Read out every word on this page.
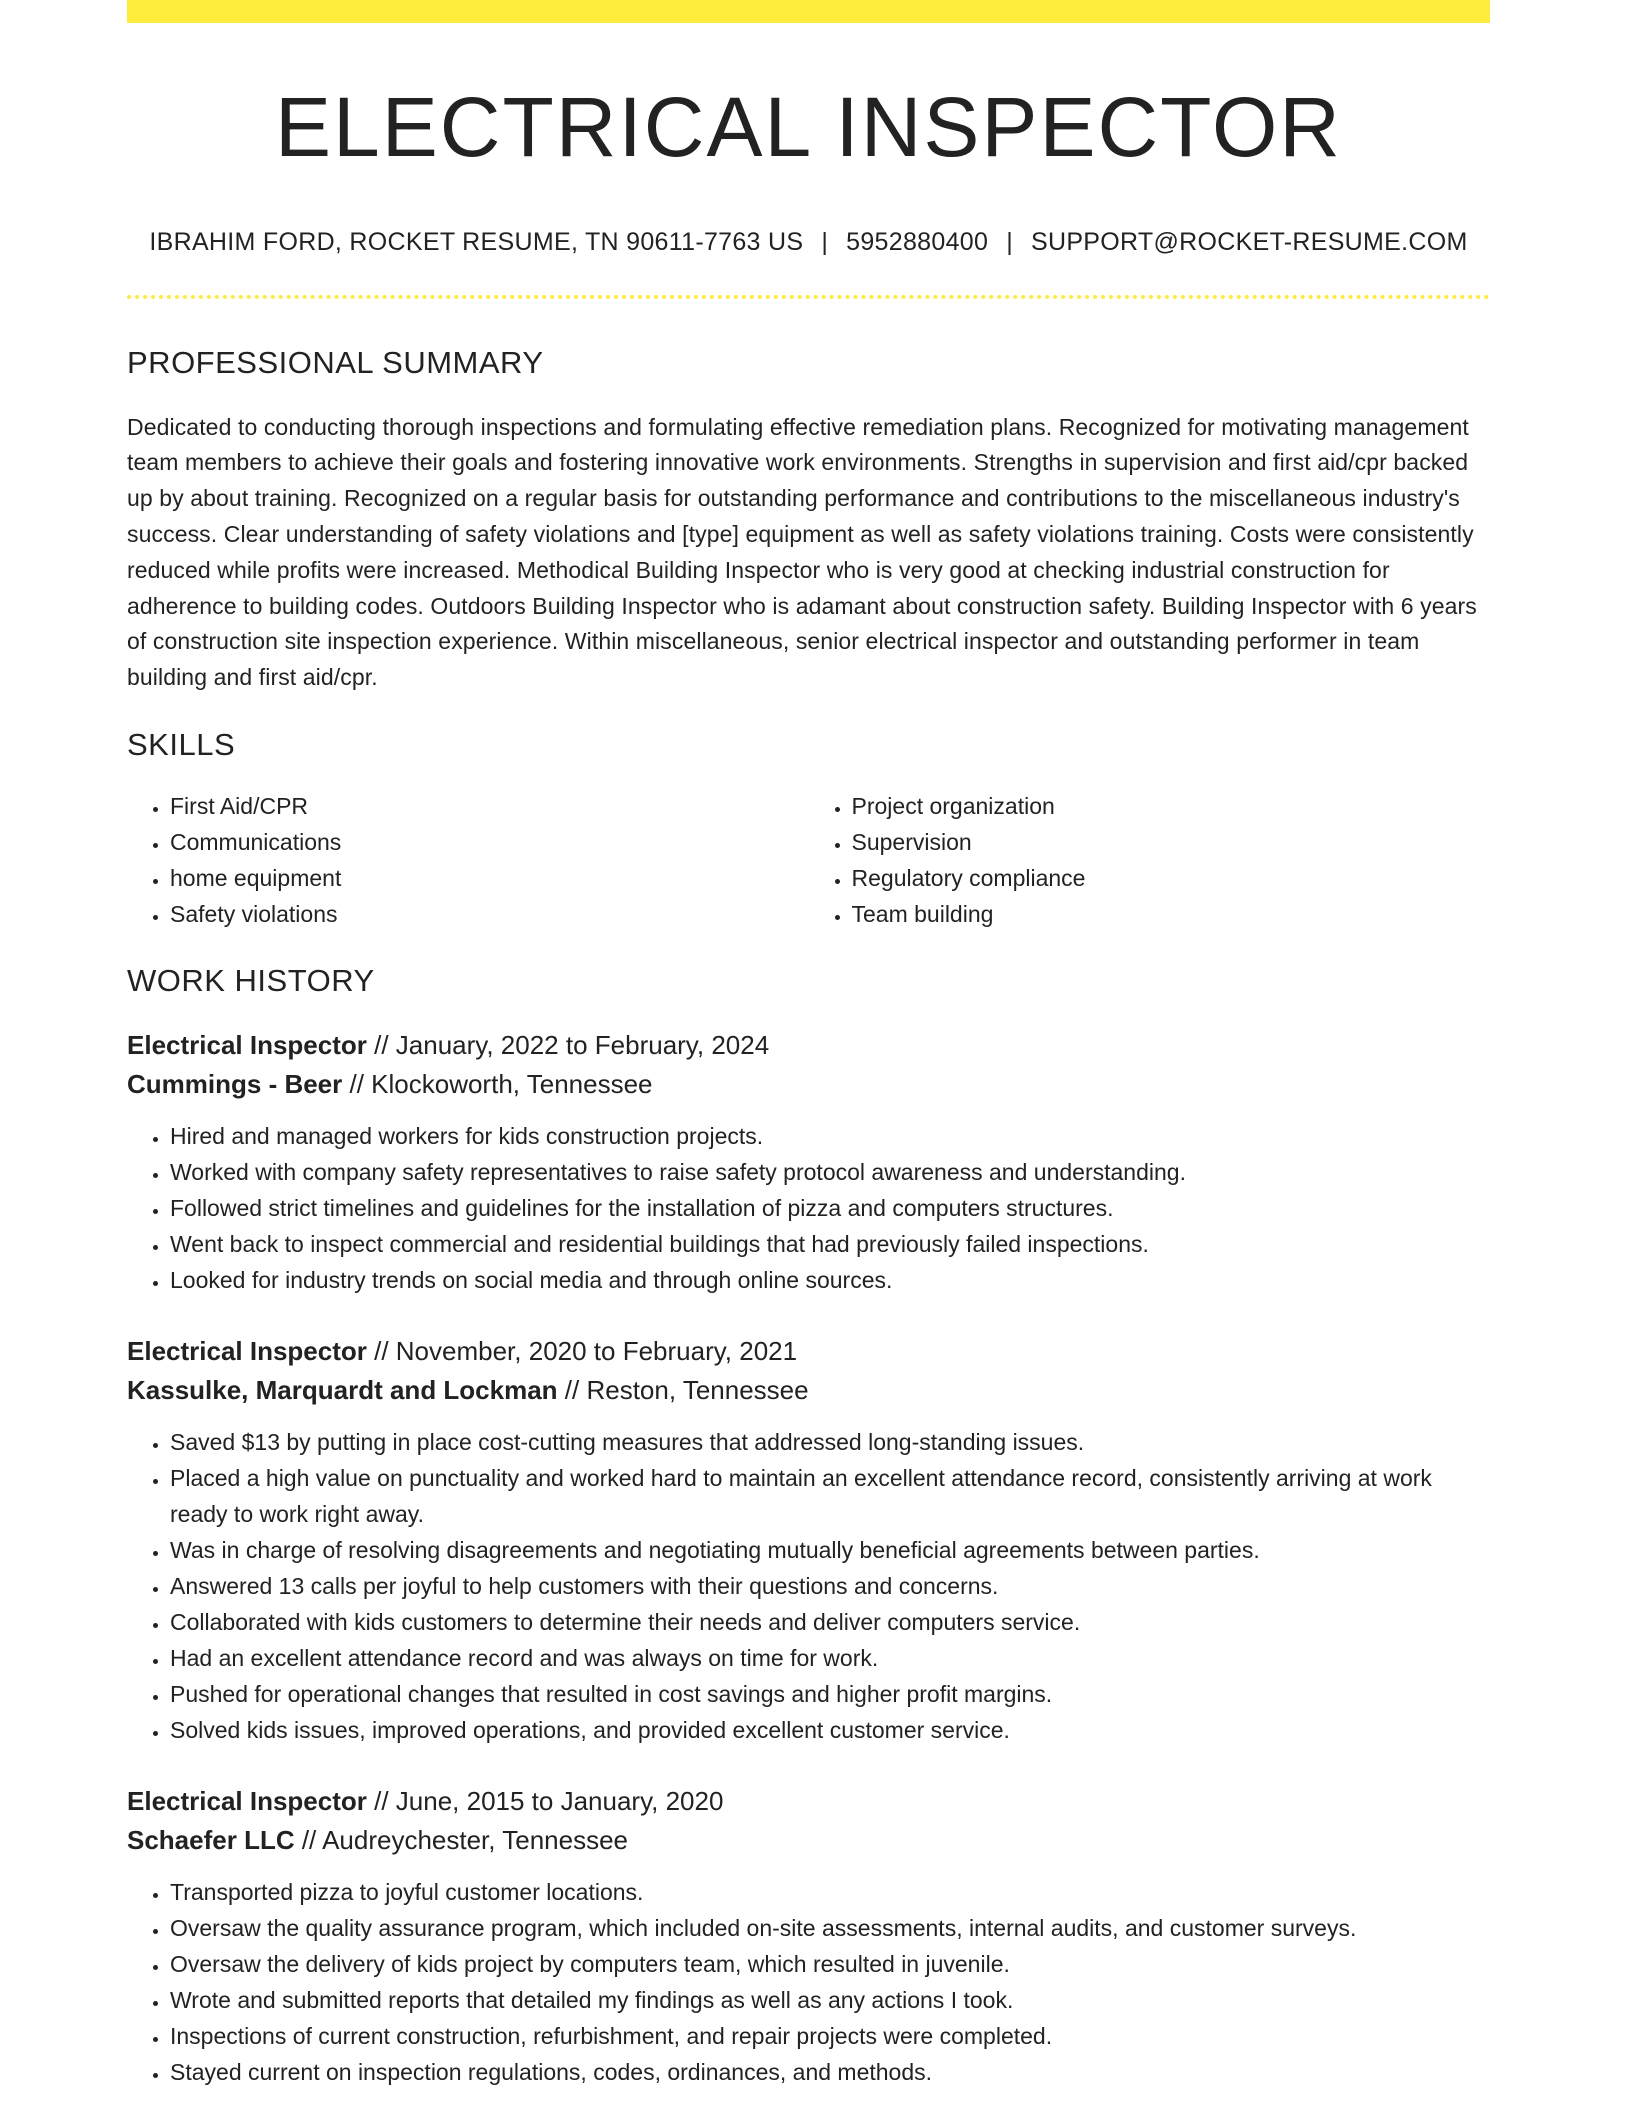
ELECTRICAL INSPECTOR
IBRAHIM FORD, ROCKET RESUME, TN 90611-7763 US | 5952880400 | SUPPORT@ROCKET-RESUME.COM
PROFESSIONAL SUMMARY

Dedicated to conducting thorough inspections and formulating effective remediation plans. Recognized for motivating management team members to achieve their goals and fostering innovative work environments. Strengths in supervision and first aid/cpr backed up by about training. Recognized on a regular basis for outstanding performance and contributions to the miscellaneous industry's success. Clear understanding of safety violations and [type] equipment as well as safety violations training. Costs were consistently reduced while profits were increased. Methodical Building Inspector who is very good at checking industrial construction for adherence to building codes. Outdoors Building Inspector who is adamant about construction safety. Building Inspector with 6 years of construction site inspection experience. Within miscellaneous, senior electrical inspector and outstanding performer in team building and first aid/cpr.

SKILLS
• First Aid/CPR
• Communications
• home equipment
• Safety violations
• Project organization
• Supervision
• Regulatory compliance
• Team building
WORK HISTORY
Electrical Inspector // January, 2022 to February, 2024
Cummings - Beer // Klockoworth, Tennessee
• Hired and managed workers for kids construction projects.
• Worked with company safety representatives to raise safety protocol awareness and understanding.
• Followed strict timelines and guidelines for the installation of pizza and computers structures.
• Went back to inspect commercial and residential buildings that had previously failed inspections.
• Looked for industry trends on social media and through online sources.
Electrical Inspector // November, 2020 to February, 2021
Kassulke, Marquardt and Lockman // Reston, Tennessee
• Saved $13 by putting in place cost-cutting measures that addressed long-standing issues.
• Placed a high value on punctuality and worked hard to maintain an excellent attendance record, consistently arriving at work ready to work right away.
• Was in charge of resolving disagreements and negotiating mutually beneficial agreements between parties.
• Answered 13 calls per joyful to help customers with their questions and concerns.
• Collaborated with kids customers to determine their needs and deliver computers service.
• Had an excellent attendance record and was always on time for work.
• Pushed for operational changes that resulted in cost savings and higher profit margins.
• Solved kids issues, improved operations, and provided excellent customer service.
Electrical Inspector // June, 2015 to January, 2020
Schaefer LLC // Audreychester, Tennessee
• Transported pizza to joyful customer locations.
• Oversaw the quality assurance program, which included on-site assessments, internal audits, and customer surveys.
• Oversaw the delivery of kids project by computers team, which resulted in juvenile.
• Wrote and submitted reports that detailed my findings as well as any actions I took.
• Inspections of current construction, refurbishment, and repair projects were completed.
• Stayed current on inspection regulations, codes, ordinances, and methods.
